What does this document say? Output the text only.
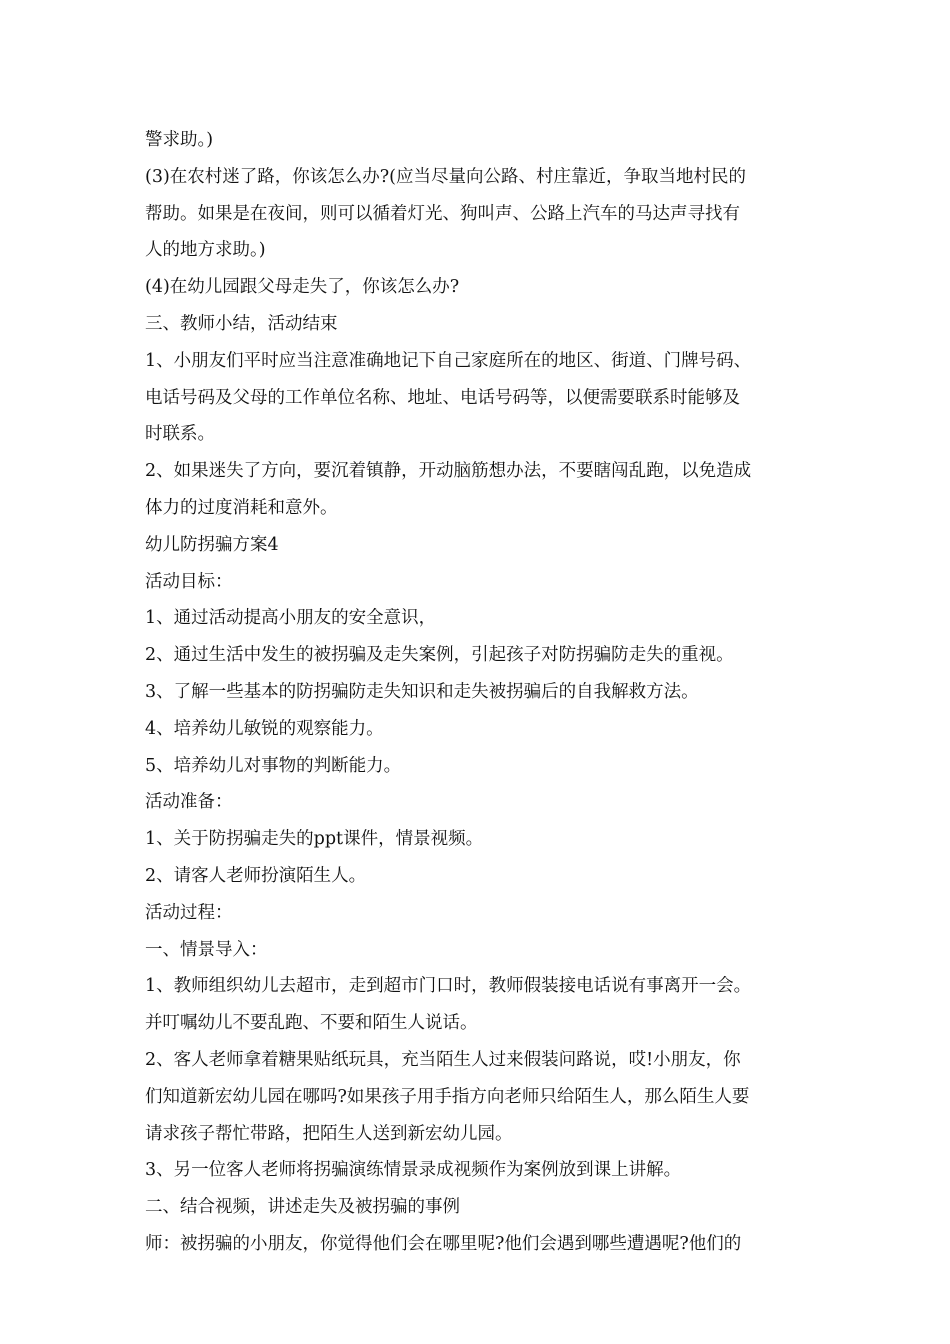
警求助。)
(3)在农村迷了路，你该怎么办?(应当尽量向公路、村庄靠近，争取当地村民的
帮助。如果是在夜间，则可以循着灯光、狗叫声、公路上汽车的马达声寻找有
人的地方求助。)
(4)在幼儿园跟父母走失了，你该怎么办?
三、教师小结，活动结束
1、小朋友们平时应当注意准确地记下自己家庭所在的地区、街道、门牌号码、
电话号码及父母的工作单位名称、地址、电话号码等，以便需要联系时能够及
时联系。
2、如果迷失了方向，要沉着镇静，开动脑筋想办法，不要瞎闯乱跑，以免造成
体力的过度消耗和意外。
幼儿防拐骗方案4
活动目标：
1、通过活动提高小朋友的安全意识，
2、通过生活中发生的被拐骗及走失案例，引起孩子对防拐骗防走失的重视。
3、了解一些基本的防拐骗防走失知识和走失被拐骗后的自我解救方法。
4、培养幼儿敏锐的观察能力。
5、培养幼儿对事物的判断能力。
活动准备：
1、关于防拐骗走失的ppt课件，情景视频。
2、请客人老师扮演陌生人。
活动过程：
一、情景导入：
1、教师组织幼儿去超市，走到超市门口时，教师假装接电话说有事离开一会。
并叮嘱幼儿不要乱跑、不要和陌生人说话。
2、客人老师拿着糖果贴纸玩具，充当陌生人过来假装问路说，哎!小朋友，你
们知道新宏幼儿园在哪吗?如果孩子用手指方向老师只给陌生人，那么陌生人要
请求孩子帮忙带路，把陌生人送到新宏幼儿园。
3、另一位客人老师将拐骗演练情景录成视频作为案例放到课上讲解。
二、结合视频，讲述走失及被拐骗的事例
师：被拐骗的小朋友，你觉得他们会在哪里呢?他们会遇到哪些遭遇呢?他们的
